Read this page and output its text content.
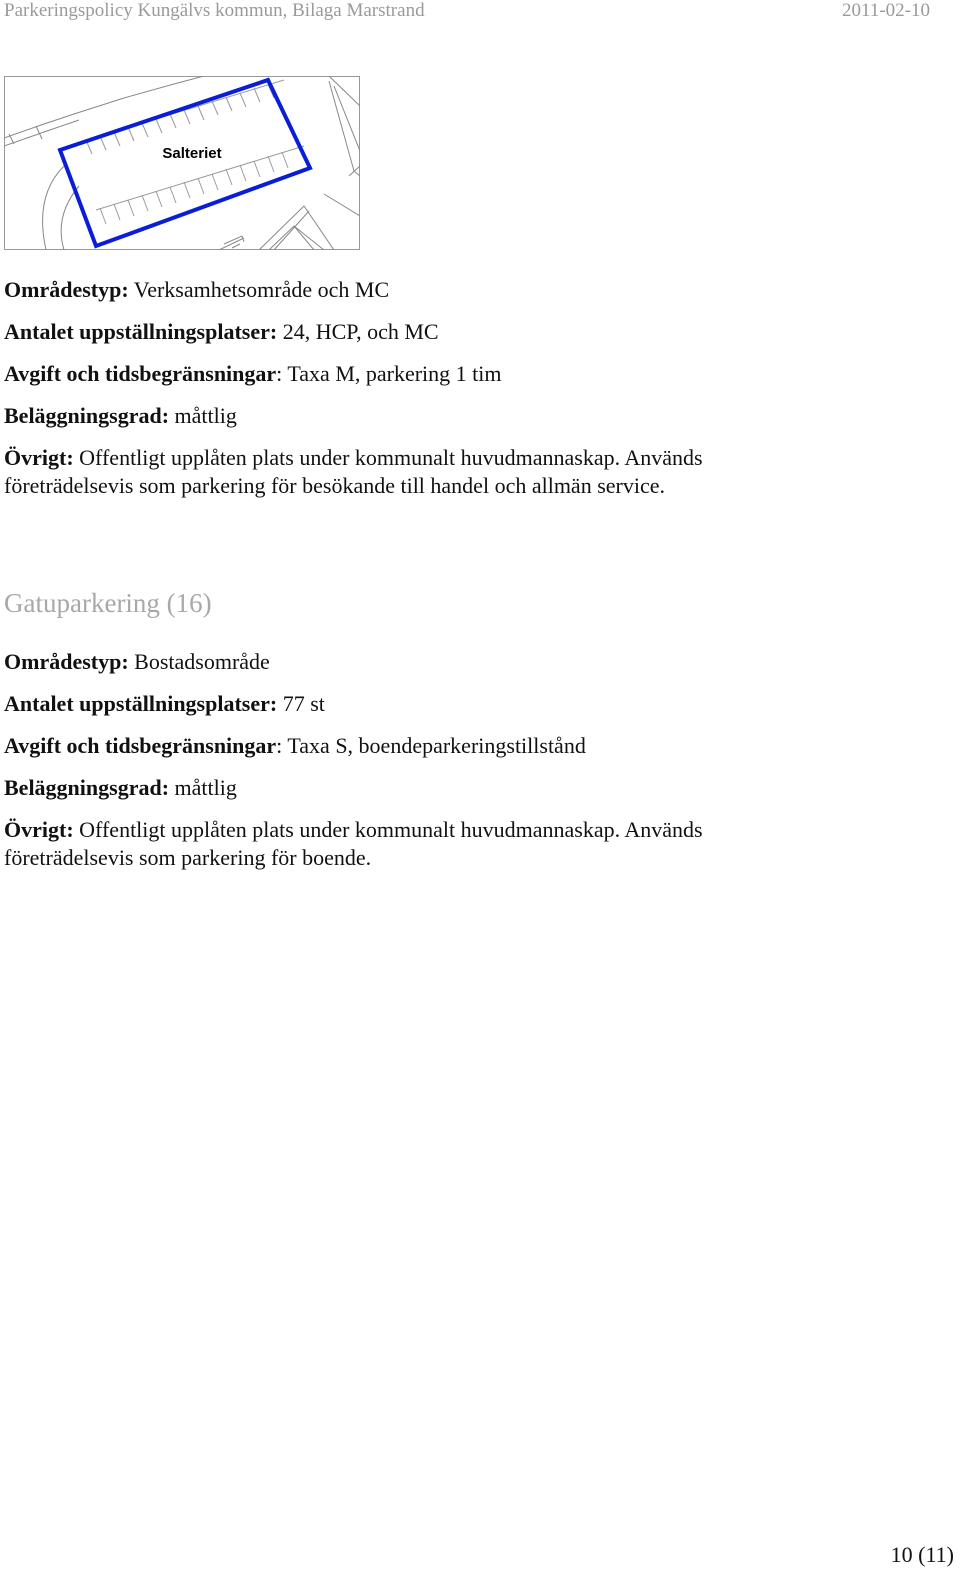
Parkeringspolicy Kungälvs kommun, Bilaga Marstrand	2011-02-10
Salteriet

Områdestyp: Verksamhetsområde och MC

Antalet uppställningsplatser: 24, HCP, och MC

Avgift och tidsbegränsningar: Taxa M, parkering 1 tim

Beläggningsgrad: måttlig

Övrigt: Offentligt upplåten plats under kommunalt huvudmannaskap. Används företrädelsevis som parkering för besökande till handel och allmän service.

Gatuparkering (16)

Områdestyp: Bostadsområde

Antalet uppställningsplatser: 77 st

Avgift och tidsbegränsningar: Taxa S, boendeparkeringstillstånd

Beläggningsgrad: måttlig

Övrigt: Offentligt upplåten plats under kommunalt huvudmannaskap. Används företrädelsevis som parkering för boende.

10 (11)
